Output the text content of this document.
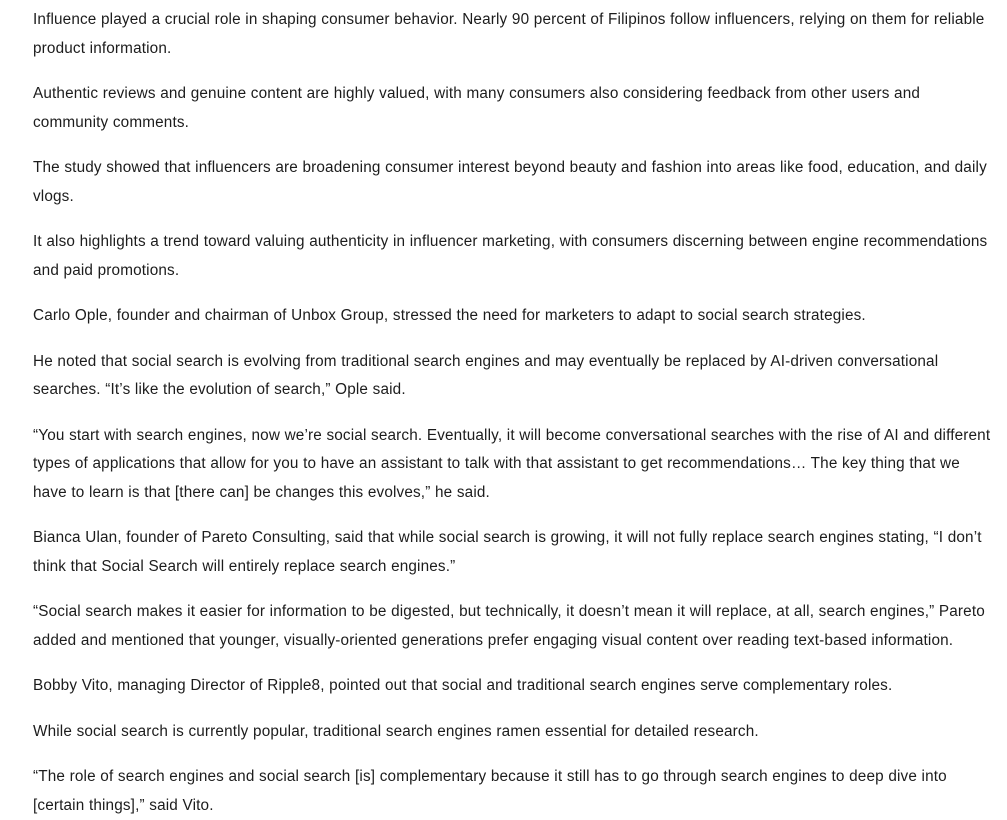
Influence played a crucial role in shaping consumer behavior. Nearly 90 percent of Filipinos follow influencers, relying on them for reliable product information.

Authentic reviews and genuine content are highly valued, with many consumers also considering feedback from other users and community comments.

The study showed that influencers are broadening consumer interest beyond beauty and fashion into areas like food, education, and daily vlogs.

It also highlights a trend toward valuing authenticity in influencer marketing, with consumers discerning between engine recommendations and paid promotions.

Carlo Ople, founder and chairman of Unbox Group, stressed the need for marketers to adapt to social search strategies.

He noted that social search is evolving from traditional search engines and may eventually be replaced by AI-driven conversational searches. “It’s like the evolution of search,” Ople said.

“You start with search engines, now we’re social search. Eventually, it will become conversational searches with the rise of AI and different types of applications that allow for you to have an assistant to talk with that assistant to get recommendations… The key thing that we have to learn is that [there can] be changes this evolves,” he said.

Bianca Ulan, founder of Pareto Consulting, said that while social search is growing, it will not fully replace search engines stating, “I don’t think that Social Search will entirely replace search engines.”

“Social search makes it easier for information to be digested, but technically, it doesn’t mean it will replace, at all, search engines,” Pareto added and mentioned that younger, visually-oriented generations prefer engaging visual content over reading text-based information.

Bobby Vito, managing Director of Ripple8, pointed out that social and traditional search engines serve complementary roles.

While social search is currently popular, traditional search engines ramen essential for detailed research.

“The role of search engines and social search [is] complementary because it still has to go through search engines to deep dive into [certain things],” said Vito.
